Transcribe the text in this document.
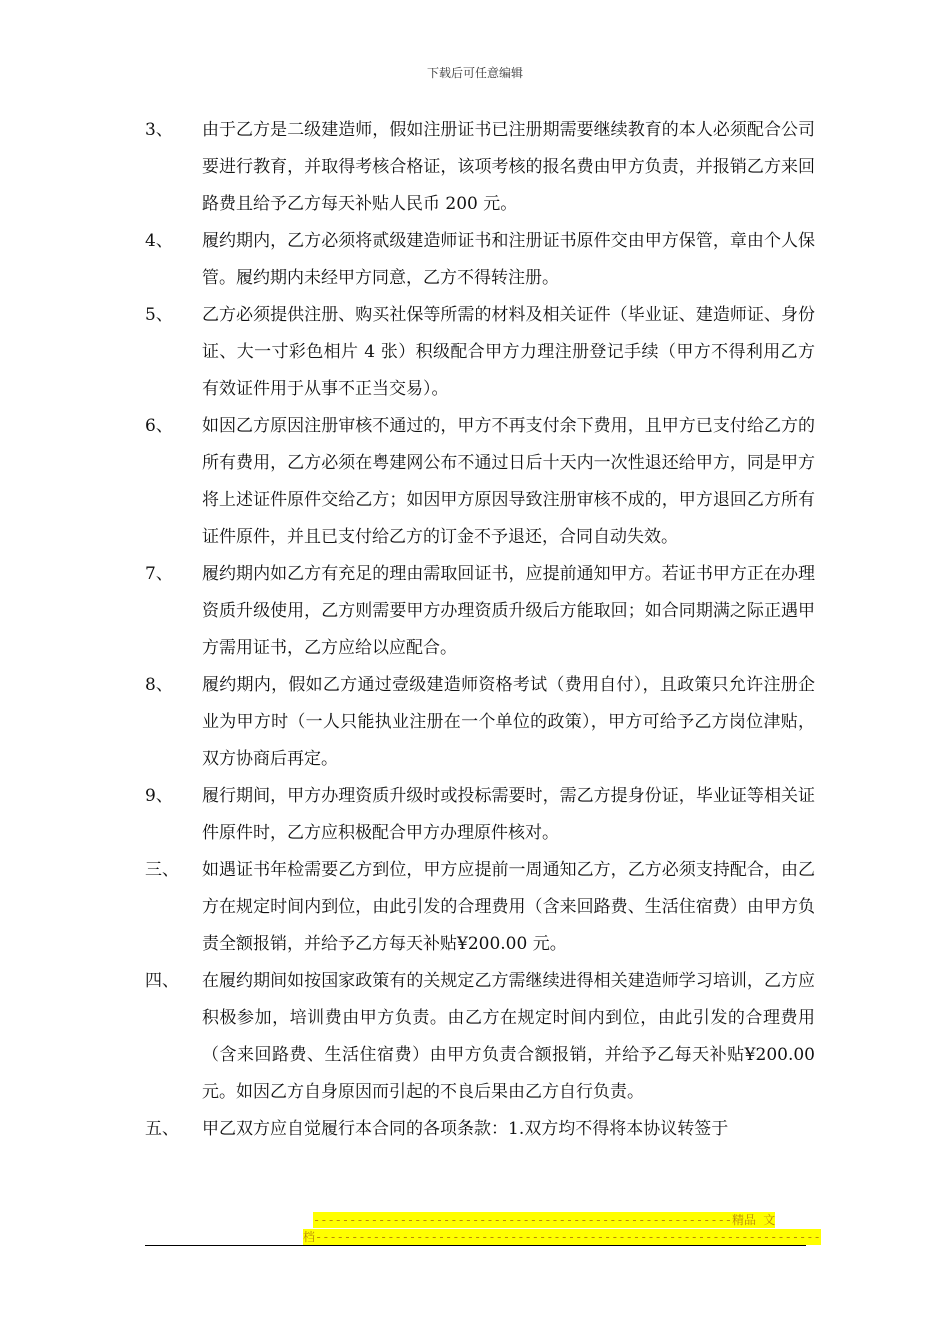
下载后可任意编辑
3、	由于乙方是二级建造师，假如注册证书已注册期需要继续教育的本人必须配合公司要进行教育，并取得考核合格证，该项考核的报名费由甲方负责，并报销乙方来回路费且给予乙方每天补贴人民币 200 元。
4、	履约期内，乙方必须将贰级建造师证书和注册证书原件交由甲方保管，章由个人保管。履约期内未经甲方同意，乙方不得转注册。
5、	乙方必须提供注册、购买社保等所需的材料及相关证件（毕业证、建造师证、身份证、大一寸彩色相片 4 张）积级配合甲方力理注册登记手续（甲方不得利用乙方有效证件用于从事不正当交易）。
6、	如因乙方原因注册审核不通过的，甲方不再支付余下费用，且甲方已支付给乙方的所有费用，乙方必须在粤建网公布不通过日后十天内一次性退还给甲方，同是甲方将上述证件原件交给乙方；如因甲方原因导致注册审核不成的，甲方退回乙方所有证件原件，并且已支付给乙方的订金不予退还，合同自动失效。
7、	履约期内如乙方有充足的理由需取回证书，应提前通知甲方。若证书甲方正在办理资质升级使用，乙方则需要甲方办理资质升级后方能取回；如合同期满之际正遇甲方需用证书，乙方应给以应配合。
8、	履约期内，假如乙方通过壹级建造师资格考试（费用自付），且政策只允许注册企业为甲方时（一人只能执业注册在一个单位的政策），甲方可给予乙方岗位津贴，双方协商后再定。
9、	履行期间，甲方办理资质升级时或投标需要时，需乙方提身份证，毕业证等相关证件原件时，乙方应积极配合甲方办理原件核对。
三、	如遇证书年检需要乙方到位，甲方应提前一周通知乙方，乙方必须支持配合，由乙方在规定时间内到位，由此引发的合理费用（含来回路费、生活住宿费）由甲方负责全额报销，并给予乙方每天补贴¥200.00 元。
四、	在履约期间如按国家政策有的关规定乙方需继续进得相关建造师学习培训，乙方应积极参加，培训费由甲方负责。由乙方在规定时间内到位，由此引发的合理费用（含来回路费、生活住宿费）由甲方负责合额报销，并给予乙每天补贴¥200.00 元。如因乙方自身原因而引起的不良后果由乙方自行负责。
五、	甲乙双方应自觉履行本合同的各项条款：1.双方均不得将本协议转签于
----------------------------------------------------------精品 文
档----------------------------------------------------------------------
